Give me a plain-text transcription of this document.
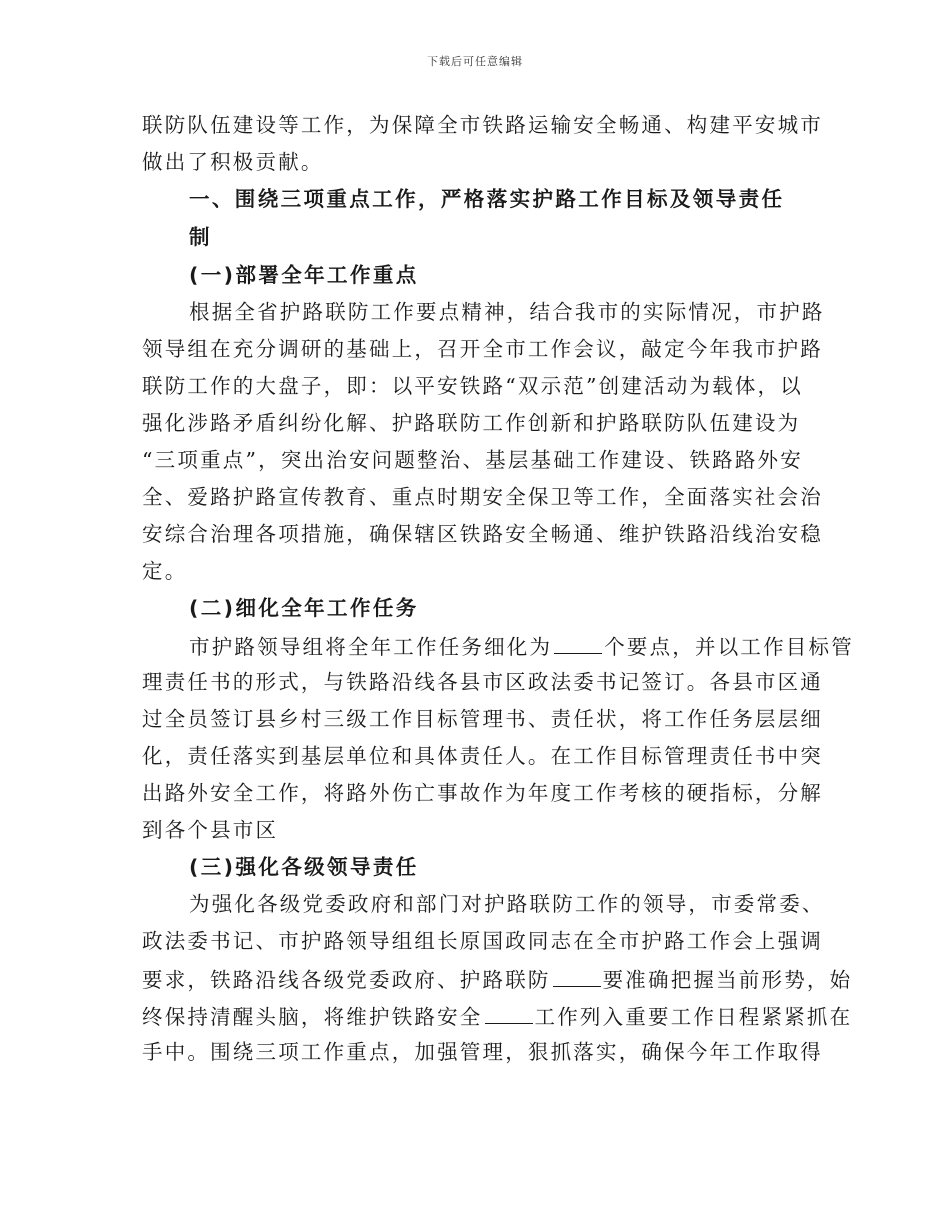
下载后可任意编辑
联防队伍建设等工作，为保障全市铁路运输安全畅通、构建平安城市
做出了积极贡献。
一、围绕三项重点工作，严格落实护路工作目标及领导责任
制
(一)部署全年工作重点
根据全省护路联防工作要点精神，结合我市的实际情况，市护路
领导组在充分调研的基础上，召开全市工作会议，敲定今年我市护路
联防工作的大盘子，即：以平安铁路“双示范”创建活动为载体，以
强化涉路矛盾纠纷化解、护路联防工作创新和护路联防队伍建设为
“三项重点”，突出治安问题整治、基层基础工作建设、铁路路外安
全、爱路护路宣传教育、重点时期安全保卫等工作，全面落实社会治
安综合治理各项措施，确保辖区铁路安全畅通、维护铁路沿线治安稳
定。
(二)细化全年工作任务
市护路领导组将全年工作任务细化为	个要点，并以工作目标管
理责任书的形式，与铁路沿线各县市区政法委书记签订。各县市区通
过全员签订县乡村三级工作目标管理书、责任状，将工作任务层层细
化，责任落实到基层单位和具体责任人。在工作目标管理责任书中突
出路外安全工作，将路外伤亡事故作为年度工作考核的硬指标，分解
到各个县市区
(三)强化各级领导责任
为强化各级党委政府和部门对护路联防工作的领导，市委常委、
政法委书记、市护路领导组组长原国政同志在全市护路工作会上强调
要求，铁路沿线各级党委政府、护路联防	要准确把握当前形势，始
终保持清醒头脑，将维护铁路安全	工作列入重要工作日程紧紧抓在
手中。围绕三项工作重点，加强管理，狠抓落实，确保今年工作取得
